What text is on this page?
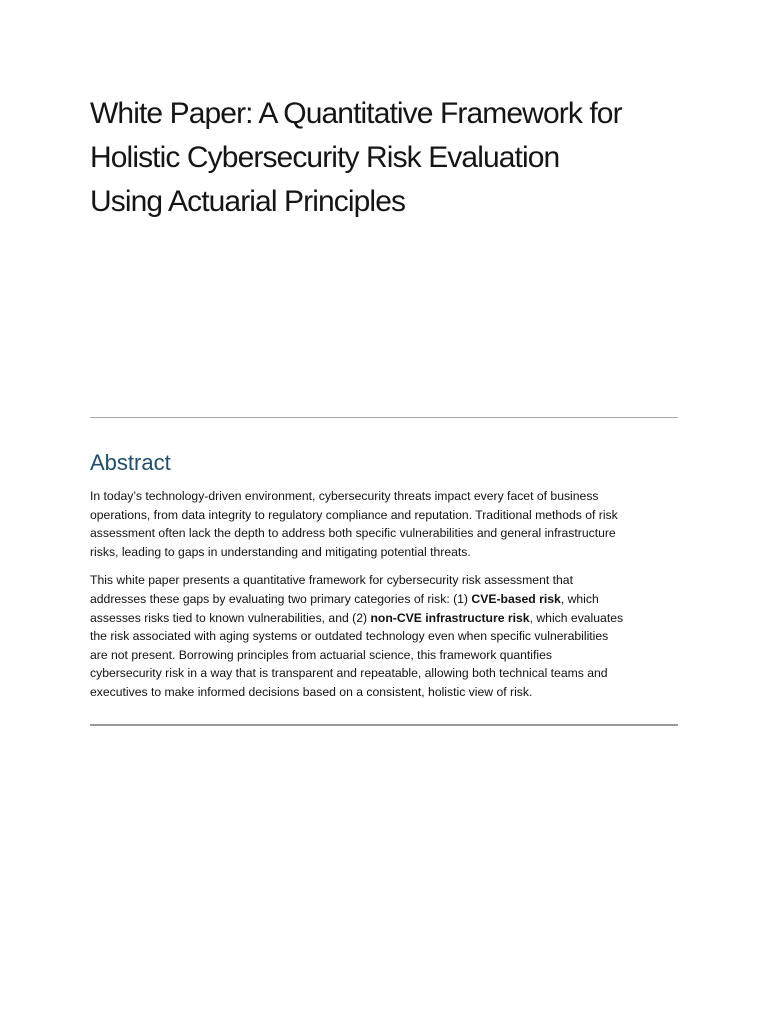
White Paper: A Quantitative Framework for
Holistic Cybersecurity Risk Evaluation
Using Actuarial Principles
Abstract

In today’s technology-driven environment, cybersecurity threats impact every facet of business
operations, from data integrity to regulatory compliance and reputation. Traditional methods of risk
assessment often lack the depth to address both specific vulnerabilities and general infrastructure
risks, leading to gaps in understanding and mitigating potential threats.

This white paper presents a quantitative framework for cybersecurity risk assessment that
addresses these gaps by evaluating two primary categories of risk: (1) CVE-based risk, which
assesses risks tied to known vulnerabilities, and (2) non-CVE infrastructure risk, which evaluates
the risk associated with aging systems or outdated technology even when specific vulnerabilities
are not present. Borrowing principles from actuarial science, this framework quantifies
cybersecurity risk in a way that is transparent and repeatable, allowing both technical teams and
executives to make informed decisions based on a consistent, holistic view of risk.
